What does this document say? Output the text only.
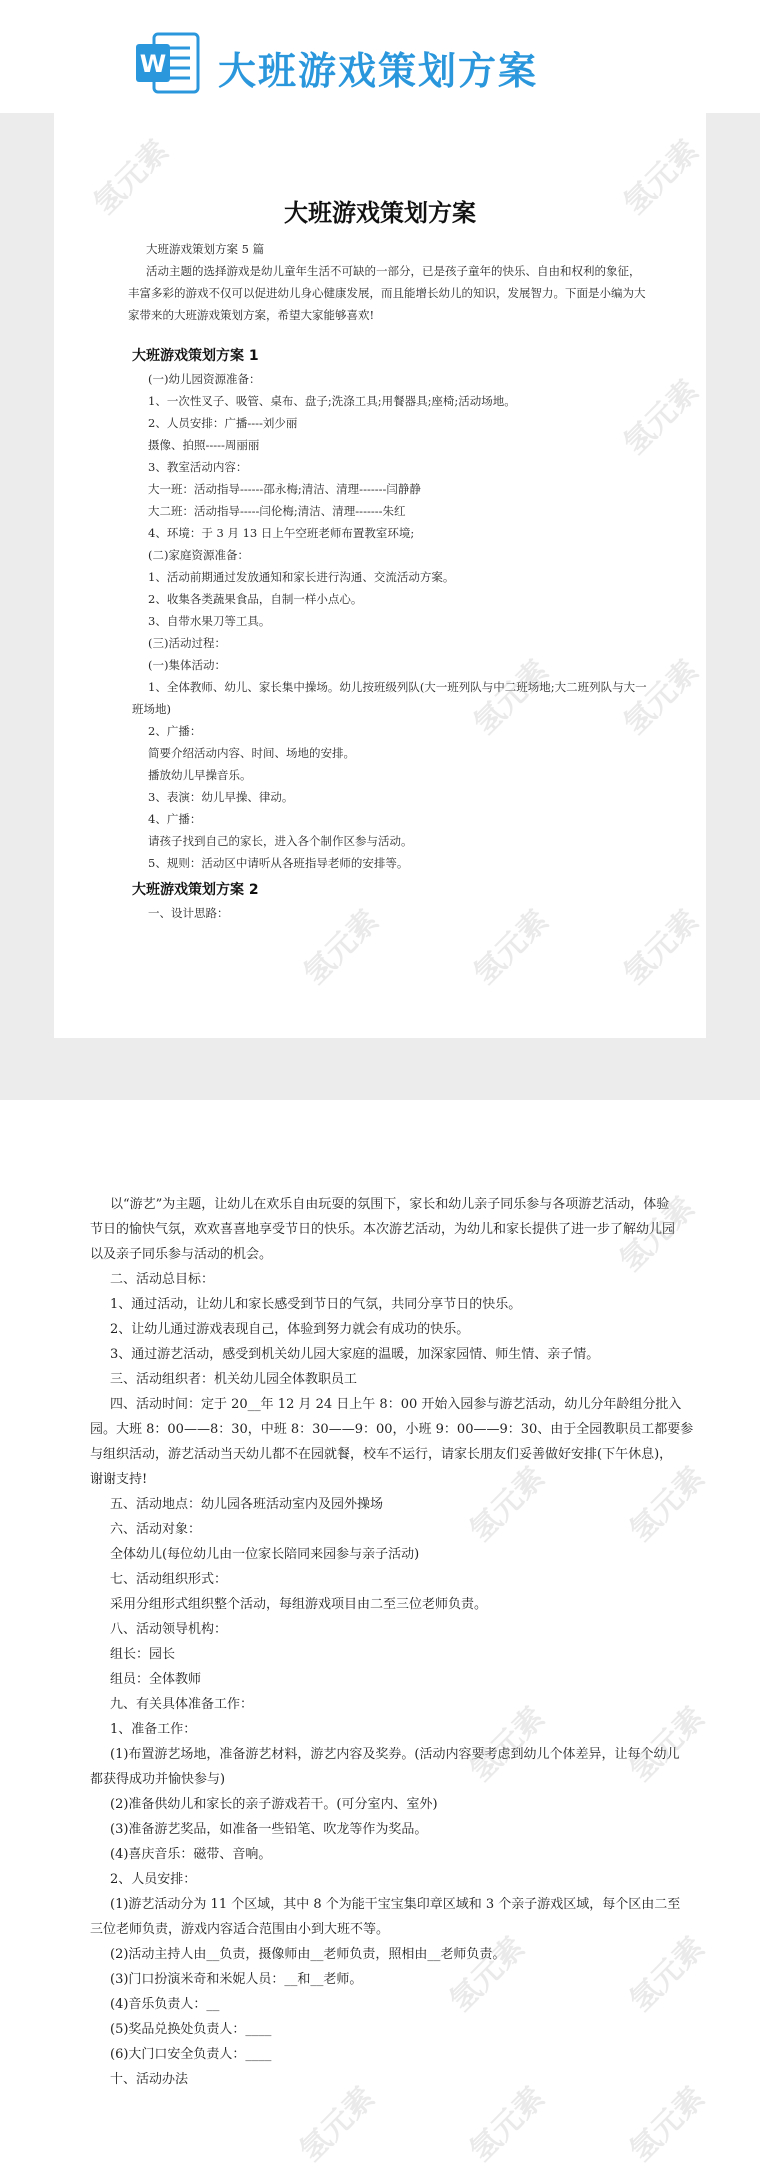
W 大班游戏策划方案
大班游戏策划方案
大班游戏策划方案 5 篇
活动主题的选择游戏是幼儿童年生活不可缺的一部分，已是孩子童年的快乐、自由和权利的象征，
丰富多彩的游戏不仅可以促进幼儿身心健康发展，而且能增长幼儿的知识，发展智力。下面是小编为大
家带来的大班游戏策划方案，希望大家能够喜欢!
大班游戏策划方案 1
(一)幼儿园资源准备：
1、一次性叉子、吸管、桌布、盘子;洗涤工具;用餐器具;座椅;活动场地。
2、人员安排：广播----刘少丽
摄像、拍照-----周丽丽
3、教室活动内容：
大一班：活动指导------邵永梅;清洁、清理-------闫静静
大二班：活动指导-----闫伦梅;清洁、清理-------朱红
4、环境：于 3 月 13 日上午空班老师布置教室环境;
(二)家庭资源准备：
1、活动前期通过发放通知和家长进行沟通、交流活动方案。
2、收集各类蔬果食品，自制一样小点心。
3、自带水果刀等工具。
(三)活动过程：
(一)集体活动：
1、全体教师、幼儿、家长集中操场。幼儿按班级列队(大一班列队与中二班场地;大二班列队与大一
班场地)
2、广播：
简要介绍活动内容、时间、场地的安排。
播放幼儿早操音乐。
3、表演：幼儿早操、律动。
4、广播：
请孩子找到自己的家长，进入各个制作区参与活动。
5、规则：活动区中请听从各班指导老师的安排等。
大班游戏策划方案 2
一、设计思路：
氢元素	氢元素
氢元素
氢元素 氢元素
氢元素	氢元素 氢元素
以“游艺”为主题，让幼儿在欢乐自由玩耍的氛围下，家长和幼儿亲子同乐参与各项游艺活动，体验
节日的愉快气氛，欢欢喜喜地享受节日的快乐。本次游艺活动，为幼儿和家长提供了进一步了解幼儿园
以及亲子同乐参与活动的机会。
二、活动总目标：
1、通过活动，让幼儿和家长感受到节日的气氛，共同分享节日的快乐。
2、让幼儿通过游戏表现自己，体验到努力就会有成功的快乐。
3、通过游艺活动，感受到机关幼儿园大家庭的温暖，加深家园情、师生情、亲子情。
三、活动组织者：机关幼儿园全体教职员工
四、活动时间：定于 20__年 12 月 24 日上午 8：00 开始入园参与游艺活动，幼儿分年龄组分批入
园。大班 8：00——8：30，中班 8：30——9：00，小班 9：00——9：30、由于全园教职员工都要参
与组织活动，游艺活动当天幼儿都不在园就餐，校车不运行，请家长朋友们妥善做好安排(下午休息)，
谢谢支持!
五、活动地点：幼儿园各班活动室内及园外操场
六、活动对象：
全体幼儿(每位幼儿由一位家长陪同来园参与亲子活动)
七、活动组织形式：
采用分组形式组织整个活动，每组游戏项目由二至三位老师负责。
八、活动领导机构：
组长：园长
组员：全体教师
九、有关具体准备工作：
1、准备工作：
(1)布置游艺场地，准备游艺材料，游艺内容及奖券。(活动内容要考虑到幼儿个体差异，让每个幼儿
都获得成功并愉快参与)
(2)准备供幼儿和家长的亲子游戏若干。(可分室内、室外)
(3)准备游艺奖品，如准备一些铅笔、吹龙等作为奖品。
(4)喜庆音乐：磁带、音响。
2、人员安排：
(1)游艺活动分为 11 个区域，其中 8 个为能干宝宝集印章区域和 3 个亲子游戏区域，每个区由二至
三位老师负责，游戏内容适合范围由小到大班不等。
(2)活动主持人由__负责，摄像师由__老师负责，照相由__老师负责。
(3)门口扮演米奇和米妮人员：__和__老师。
(4)音乐负责人：__
(5)奖品兑换处负责人：____
(6)大门口安全负责人：____
十、活动办法
氢元素
氢元素 氢元素
氢元素 氢元素
氢元素	氢元素
氢元素	氢元素 氢元素
